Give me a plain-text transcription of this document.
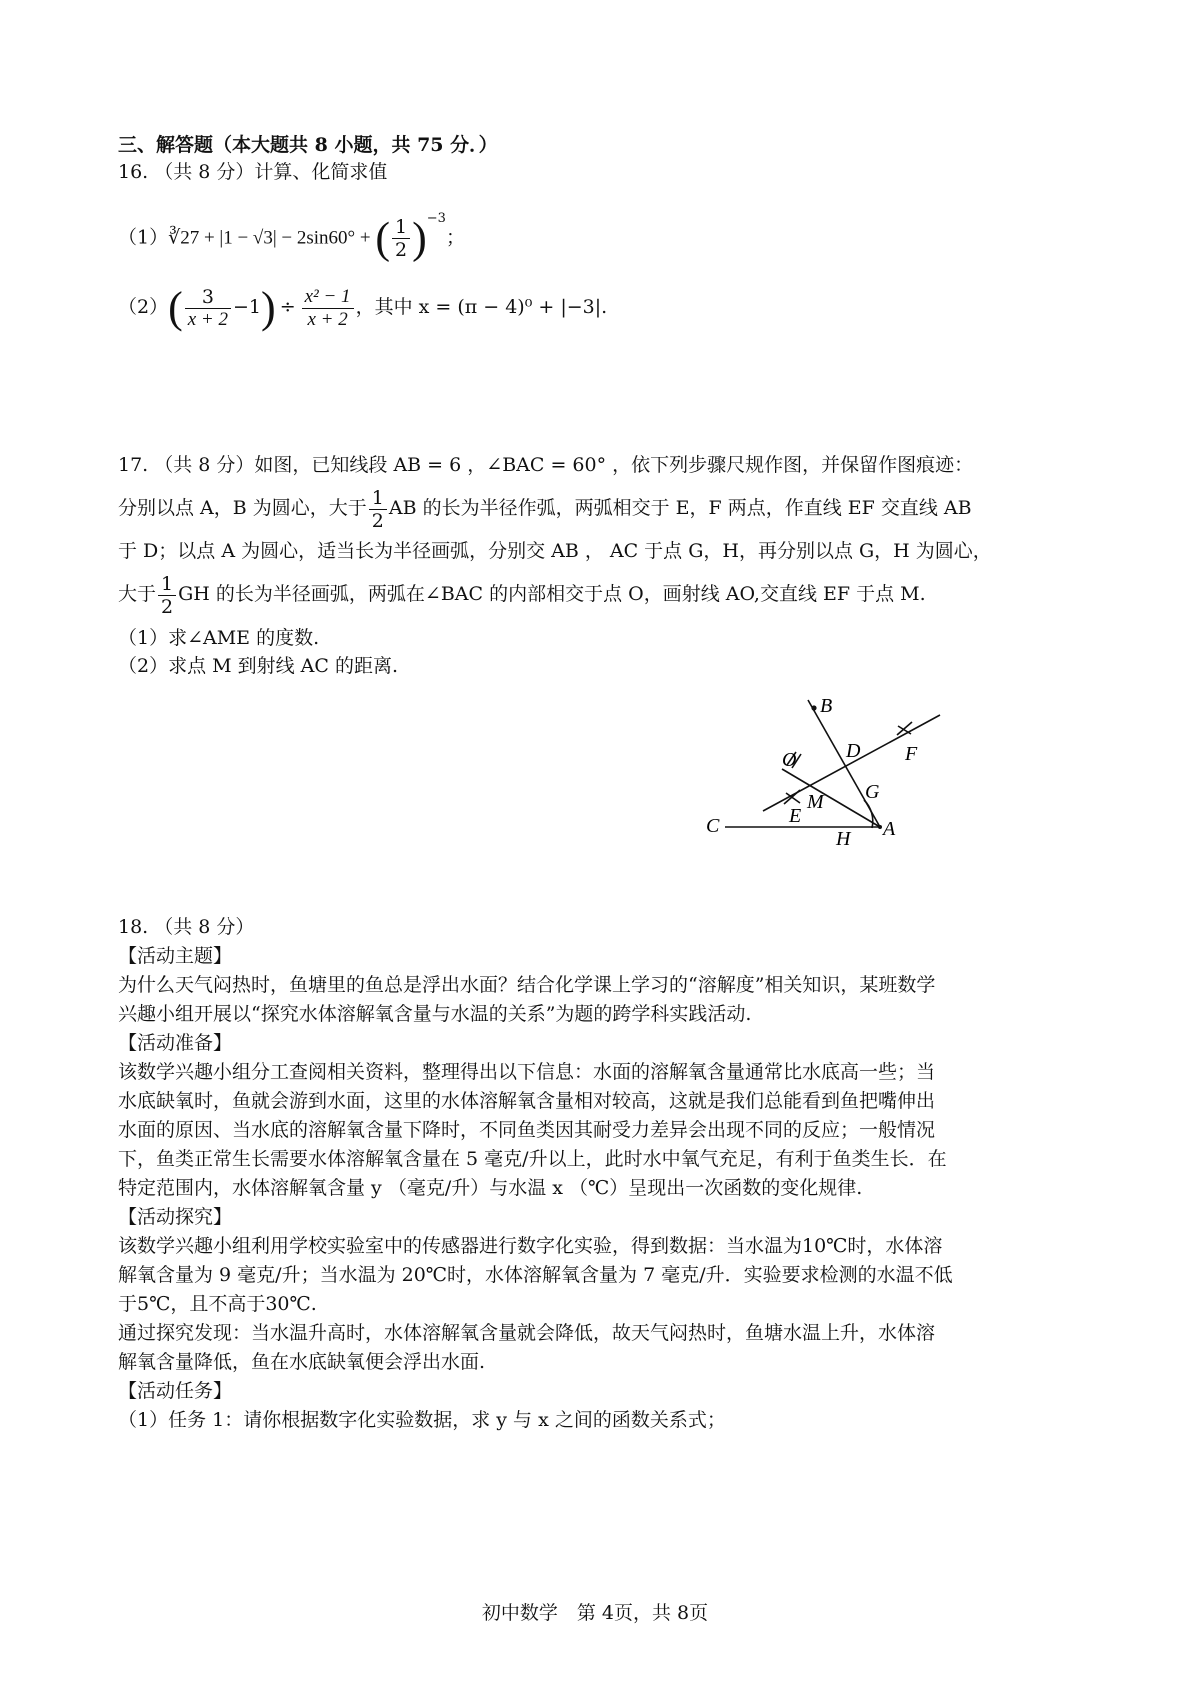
三、解答题（本大题共 8 小题，共 75 分．）
16. （共 8 分）计算、化简求值
（1）∛27 + |1 − √3| − 2sin60° + ( $\frac{1}{2} )^{-3}$；
$(2)( \frac{3}{x + 2} -1) \div \frac{\text{x² − 1}}{x + 2}$ ，其中 x = (π − 4)⁰ + |−3|.
17. （共 8 分）如图，已知线段 AB = 6 ，∠BAC = 60° ，依下列步骤尺规作图，并保留作图痕迹：
分别以点 A，B 为圆心，大于 $\frac{1}{2}$ AB 的长为半径作弧，两弧相交于 E，F 两点，作直线 EF 交直线 AB
于 D；以点 A 为圆心，适当长为半径画弧，分别交 AB ， AC 于点 G，H，再分别以点 G，H 为圆心，
大于 $\frac{1}{2}$ GH 的长为半径画弧，两弧在∠BAC 的内部相交于点 O，画射线 AO,交直线 EF 于点 M.
（1）求∠AME 的度数.
（2）求点 M 到射线 AC 的距离.
B
F
D
O
G
M
E
C
H A
18. （共 8 分）
【活动主题】
为什么天气闷热时，鱼塘里的鱼总是浮出水面？结合化学课上学习的“溶解度”相关知识，某班数学
兴趣小组开展以“探究水体溶解氧含量与水温的关系”为题的跨学科实践活动.
【活动准备】
该数学兴趣小组分工查阅相关资料，整理得出以下信息：水面的溶解氧含量通常比水底高一些；当
水底缺氧时，鱼就会游到水面，这里的水体溶解氧含量相对较高，这就是我们总能看到鱼把嘴伸出
水面的原因、当水底的溶解氧含量下降时，不同鱼类因其耐受力差异会出现不同的反应；一般情况
下，鱼类正常生长需要水体溶解氧含量在 5 毫克/升以上，此时水中氧气充足，有利于鱼类生长．在
特定范围内，水体溶解氧含量 y （毫克/升）与水温 x （℃）呈现出一次函数的变化规律.
【活动探究】
该数学兴趣小组利用学校实验室中的传感器进行数字化实验，得到数据：当水温为10℃时，水体溶
解氧含量为 9 毫克/升；当水温为 20℃时，水体溶解氧含量为 7 毫克/升．实验要求检测的水温不低
于5℃，且不高于30℃.
通过探究发现：当水温升高时，水体溶解氧含量就会降低，故天气闷热时，鱼塘水温上升，水体溶
解氧含量降低，鱼在水底缺氧便会浮出水面.
【活动任务】
（1）任务 1：请你根据数字化实验数据，求 y 与 x 之间的函数关系式；
初中数学　第 4页，共 8页
